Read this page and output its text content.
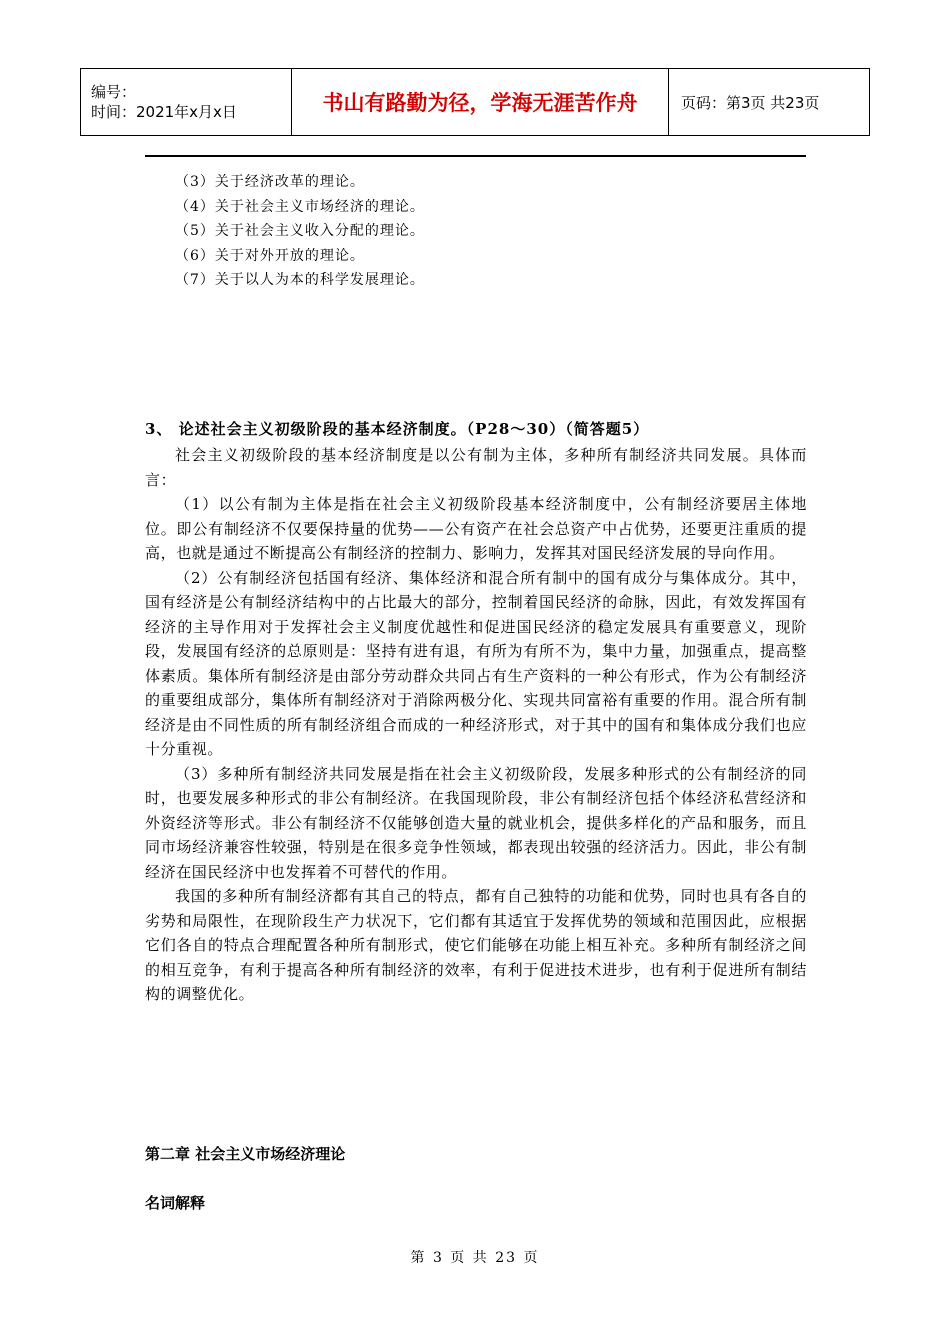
编号：
时间：2021年x月x日	书山有路勤为径，学海无涯苦作舟	页码：第3页 共23页
（3）关于经济改革的理论。
（4）关于社会主义市场经济的理论。
（5）关于社会主义收入分配的理论。
（6）关于对外开放的理论。
（7）关于以人为本的科学发展理论。
3、 论述社会主义初级阶段的基本经济制度。（P28～30）（简答题5）

社会主义初级阶段的基本经济制度是以公有制为主体，多种所有制经济共同发展。具体而言：

（1）以公有制为主体是指在社会主义初级阶段基本经济制度中，公有制经济要居主体地位。即公有制经济不仅要保持量的优势——公有资产在社会总资产中占优势，还要更注重质的提高，也就是通过不断提高公有制经济的控制力、影响力，发挥其对国民经济发展的导向作用。

（2）公有制经济包括国有经济、集体经济和混合所有制中的国有成分与集体成分。其中，国有经济是公有制经济结构中的占比最大的部分，控制着国民经济的命脉，因此，有效发挥国有经济的主导作用对于发挥社会主义制度优越性和促进国民经济的稳定发展具有重要意义，现阶段，发展国有经济的总原则是：坚持有进有退，有所为有所不为，集中力量，加强重点，提高整体素质。集体所有制经济是由部分劳动群众共同占有生产资料的一种公有形式，作为公有制经济的重要组成部分，集体所有制经济对于消除两极分化、实现共同富裕有重要的作用。混合所有制经济是由不同性质的所有制经济组合而成的一种经济形式，对于其中的国有和集体成分我们也应十分重视。

（3）多种所有制经济共同发展是指在社会主义初级阶段，发展多种形式的公有制经济的同时，也要发展多种形式的非公有制经济。在我国现阶段，非公有制经济包括个体经济私营经济和外资经济等形式。非公有制经济不仅能够创造大量的就业机会，提供多样化的产品和服务，而且同市场经济兼容性较强，特别是在很多竞争性领域，都表现出较强的经济活力。因此，非公有制经济在国民经济中也发挥着不可替代的作用。

我国的多种所有制经济都有其自己的特点，都有自己独特的功能和优势，同时也具有各自的劣势和局限性，在现阶段生产力状况下，它们都有其适宜于发挥优势的领域和范围因此，应根据它们各自的特点合理配置各种所有制形式，使它们能够在功能上相互补充。多种所有制经济之间的相互竞争，有利于提高各种所有制经济的效率，有利于促进技术进步，也有利于促进所有制结构的调整优化。

第二章 社会主义市场经济理论
名词解释
第 3 页 共 23 页
